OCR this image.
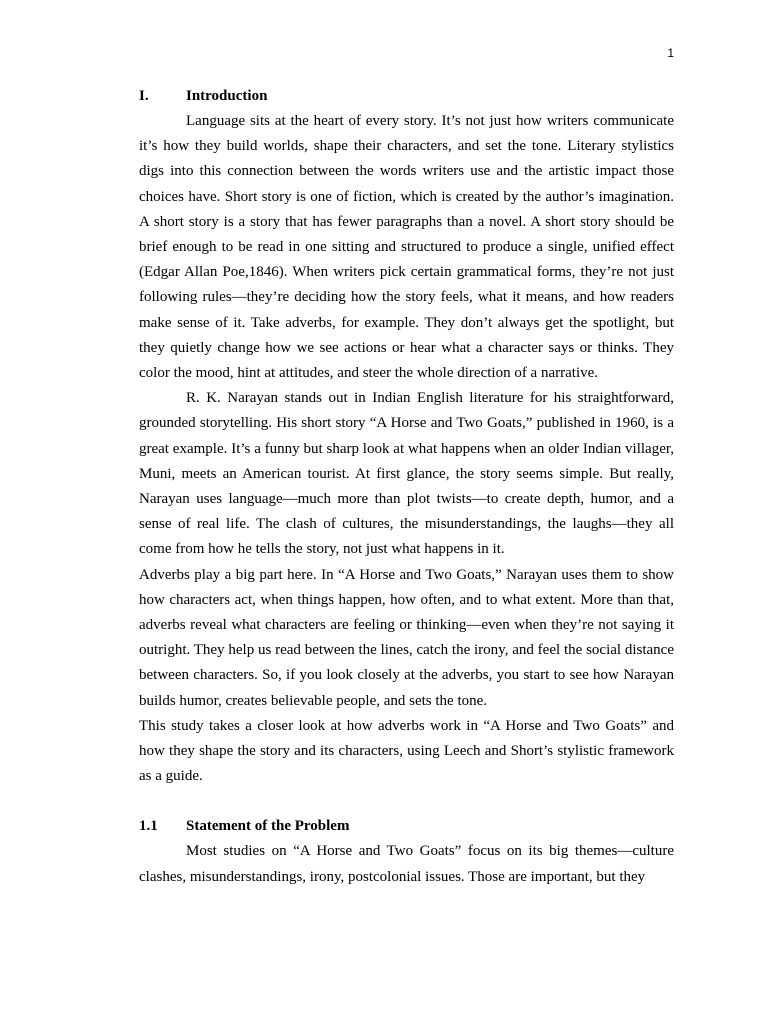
1
I.	Introduction

Language sits at the heart of every story. It’s not just how writers communicate it’s how they build worlds, shape their characters, and set the tone. Literary stylistics digs into this connection between the words writers use and the artistic impact those choices have. Short story is one of fiction, which is created by the author’s imagination. A short story is a story that has fewer paragraphs than a novel. A short story should be brief enough to be read in one sitting and structured to produce a single, unified effect (Edgar Allan Poe,1846). When writers pick certain grammatical forms, they’re not just following rules—they’re deciding how the story feels, what it means, and how readers make sense of it. Take adverbs, for example. They don’t always get the spotlight, but they quietly change how we see actions or hear what a character says or thinks. They color the mood, hint at attitudes, and steer the whole direction of a narrative.

R. K. Narayan stands out in Indian English literature for his straightforward, grounded storytelling. His short story “A Horse and Two Goats,” published in 1960, is a great example. It’s a funny but sharp look at what happens when an older Indian villager, Muni, meets an American tourist. At first glance, the story seems simple. But really, Narayan uses language—much more than plot twists—to create depth, humor, and a sense of real life. The clash of cultures, the misunderstandings, the laughs—they all come from how he tells the story, not just what happens in it.

Adverbs play a big part here. In “A Horse and Two Goats,” Narayan uses them to show how characters act, when things happen, how often, and to what extent. More than that, adverbs reveal what characters are feeling or thinking—even when they’re not saying it outright. They help us read between the lines, catch the irony, and feel the social distance between characters. So, if you look closely at the adverbs, you start to see how Narayan builds humor, creates believable people, and sets the tone.

This study takes a closer look at how adverbs work in “A Horse and Two Goats” and how they shape the story and its characters, using Leech and Short’s stylistic framework as a guide.

1.1	Statement of the Problem

Most studies on “A Horse and Two Goats” focus on its big themes—culture clashes, misunderstandings, irony, postcolonial issues. Those are important, but they
